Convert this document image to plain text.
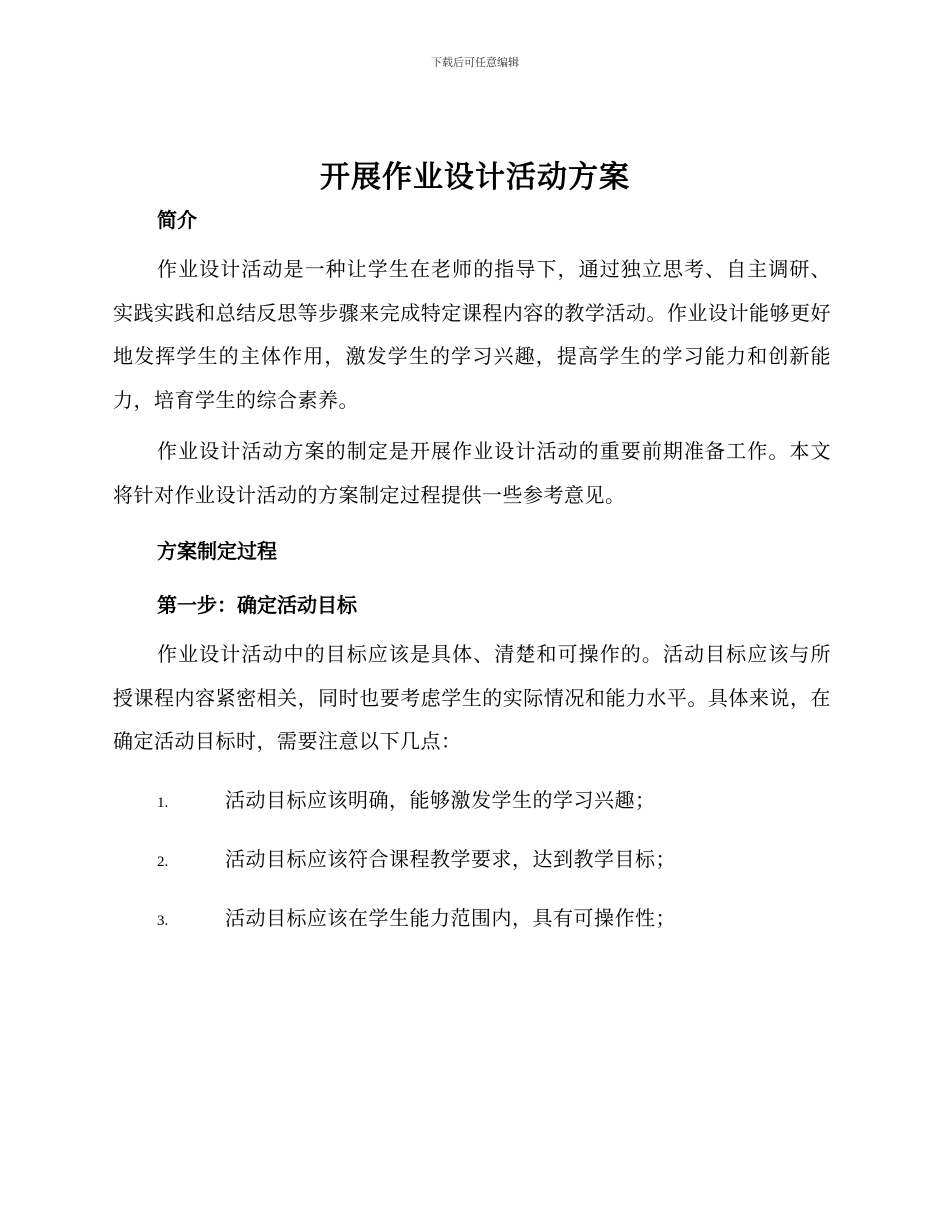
下载后可任意编辑
开展作业设计活动方案
简介

作业设计活动是一种让学生在老师的指导下，通过独立思考、自主调研、实践实践和总结反思等步骤来完成特定课程内容的教学活动。作业设计能够更好地发挥学生的主体作用，激发学生的学习兴趣，提高学生的学习能力和创新能力，培育学生的综合素养。

作业设计活动方案的制定是开展作业设计活动的重要前期准备工作。本文将针对作业设计活动的方案制定过程提供一些参考意见。

方案制定过程
第一步：确定活动目标

作业设计活动中的目标应该是具体、清楚和可操作的。活动目标应该与所授课程内容紧密相关，同时也要考虑学生的实际情况和能力水平。具体来说，在确定活动目标时，需要注意以下几点：

1.	活动目标应该明确，能够激发学生的学习兴趣；
2.	活动目标应该符合课程教学要求，达到教学目标；
3.	活动目标应该在学生能力范围内，具有可操作性；
